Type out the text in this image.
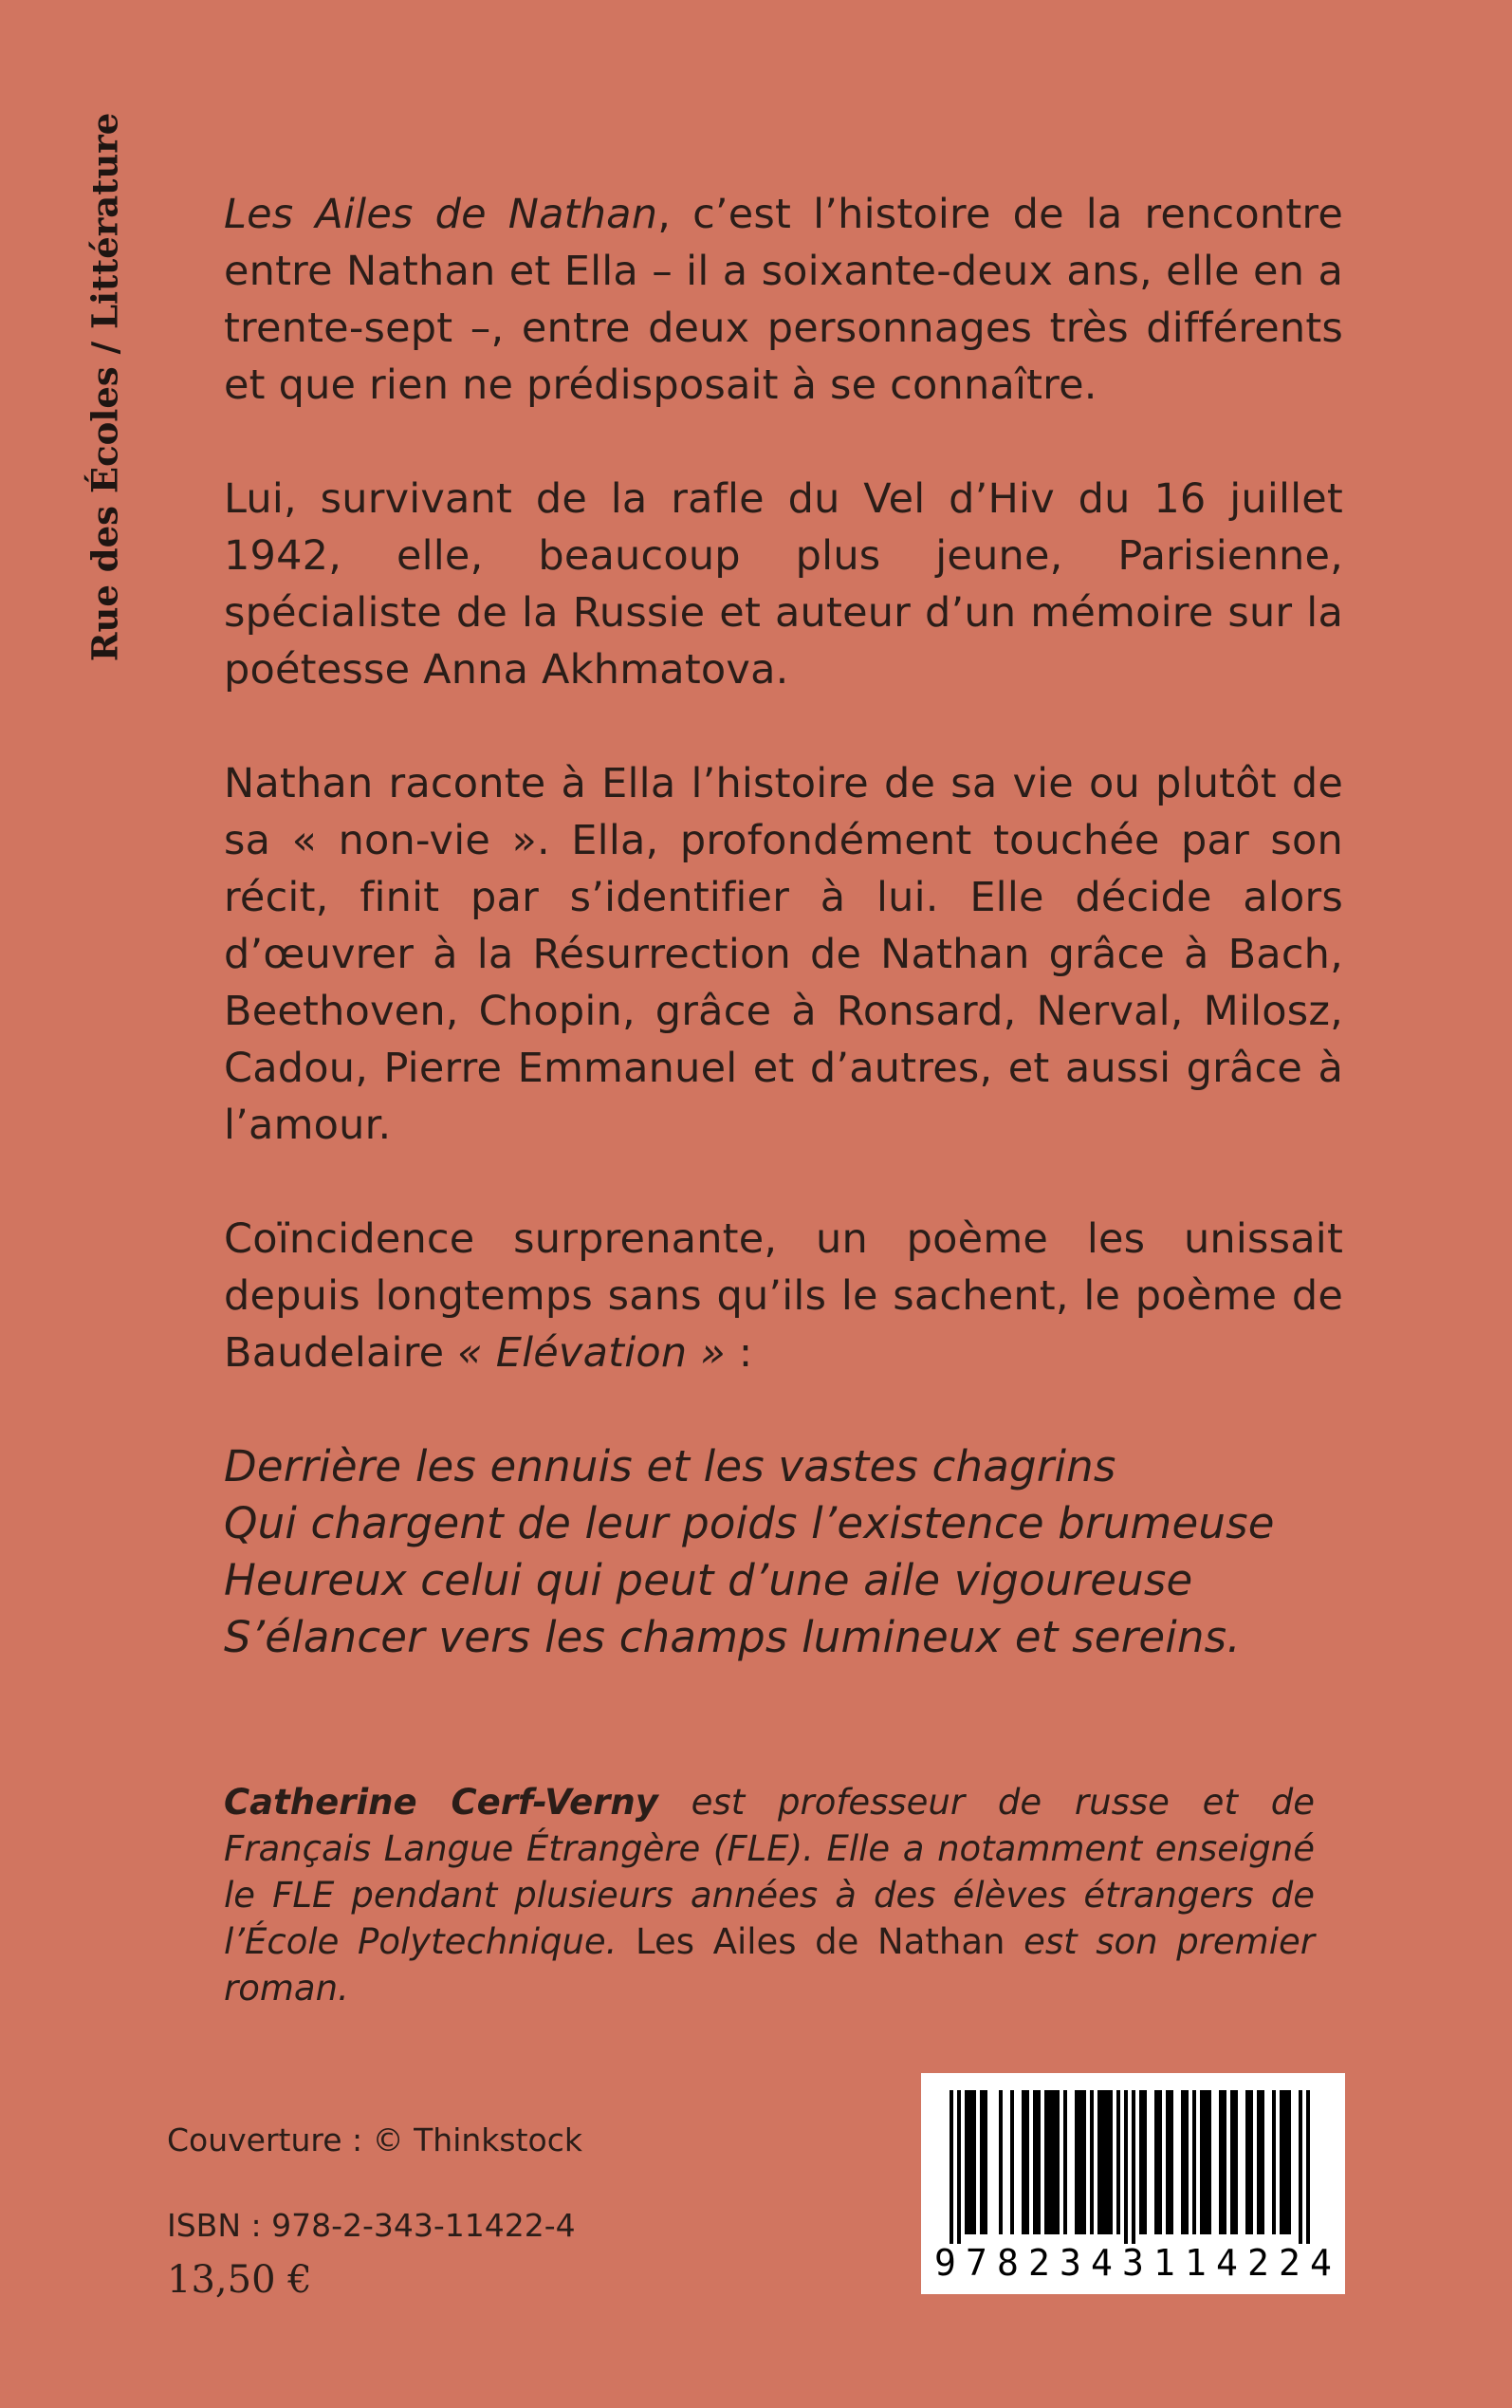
Rue des Écoles / Littérature Les Ailes de Nathan, c’est l’histoire de la rencontre entre Nathan et Ella – il a soixante-deux ans, elle en a trente-sept –, entre deux personnages très différents et que rien ne prédisposait à se connaître.

Lui, survivant de la rafle du Vel d’Hiv du 16 juillet 1942, elle, beaucoup plus jeune, Parisienne, spécialiste de la Russie et auteur d’un mémoire sur la poétesse Anna Akhmatova.

Nathan raconte à Ella l’histoire de sa vie ou plutôt de sa « non-vie ». Ella, profondément touchée par son récit, finit par s’identifier à lui. Elle décide alors d’œuvrer à la Résurrection de Nathan grâce à Bach, Beethoven, Chopin, grâce à Ronsard, Nerval, Milosz, Cadou, Pierre Emmanuel et d’autres, et aussi grâce à l’amour.

Coïncidence surprenante, un poème les unissait depuis longtemps sans qu’ils le sachent, le poème de Baudelaire « Elévation » :

Derrière les ennuis et les vastes chagrins
Qui chargent de leur poids l’existence brumeuse
Heureux celui qui peut d’une aile vigoureuse
S’élancer vers les champs lumineux et sereins.
Catherine Cerf-Verny est professeur de russe et de Français Langue Étrangère (FLE). Elle a notamment enseigné le FLE pendant plusieurs années à des élèves étrangers de l’École Polytechnique. Les Ailes de Nathan est son premier roman.
Couverture : © Thinkstock
ISBN : 978-2-343-11422-4
13,50 €	9 7 8 2 3 4 3 1 1 4 2 2 4
